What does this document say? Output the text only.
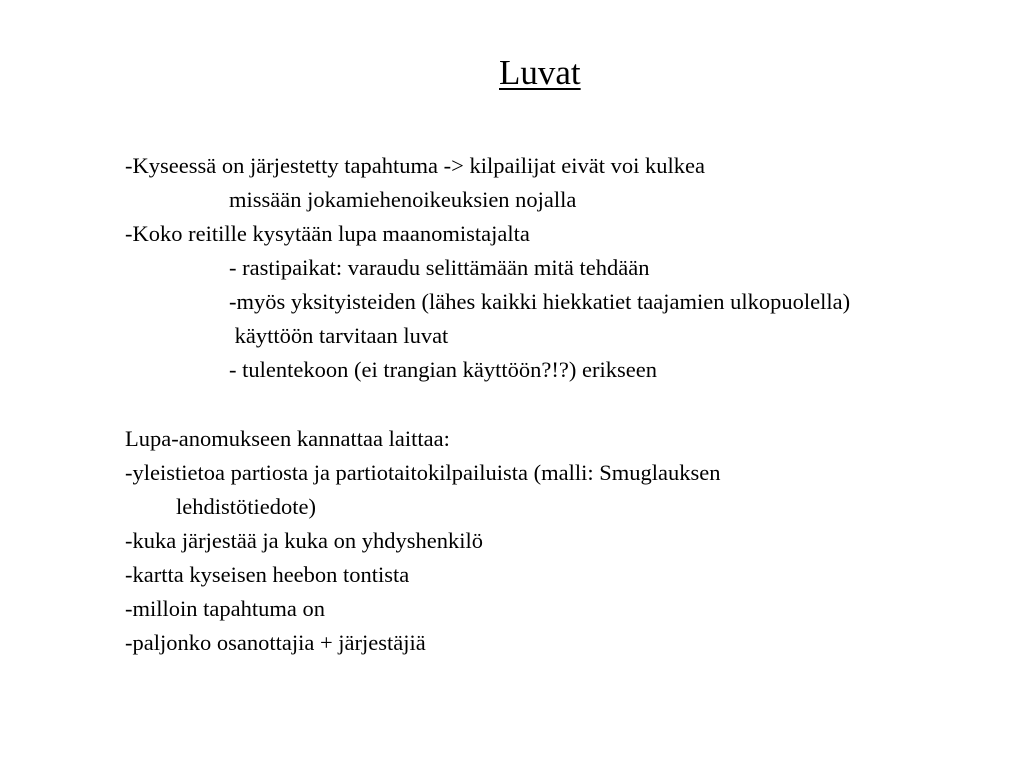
Luvat
-Kyseessä on järjestetty tapahtuma -> kilpailijat eivät voi kulkea
missään jokamiehenoikeuksien nojalla
-Koko reitille kysytään lupa maanomistajalta
- rastipaikat: varaudu selittämään mitä tehdään
-myös yksityisteiden (lähes kaikki hiekkatiet taajamien ulkopuolella)
käyttöön tarvitaan luvat
- tulentekoon (ei trangian käyttöön?!?) erikseen
Lupa-anomukseen kannattaa laittaa:
-yleistietoa partiosta ja partiotaitokilpailuista (malli: Smuglauksen
lehdistötiedote)
-kuka järjestää ja kuka on yhdyshenkilö
-kartta kyseisen heebon tontista
-milloin tapahtuma on
-paljonko osanottajia + järjestäjiä
